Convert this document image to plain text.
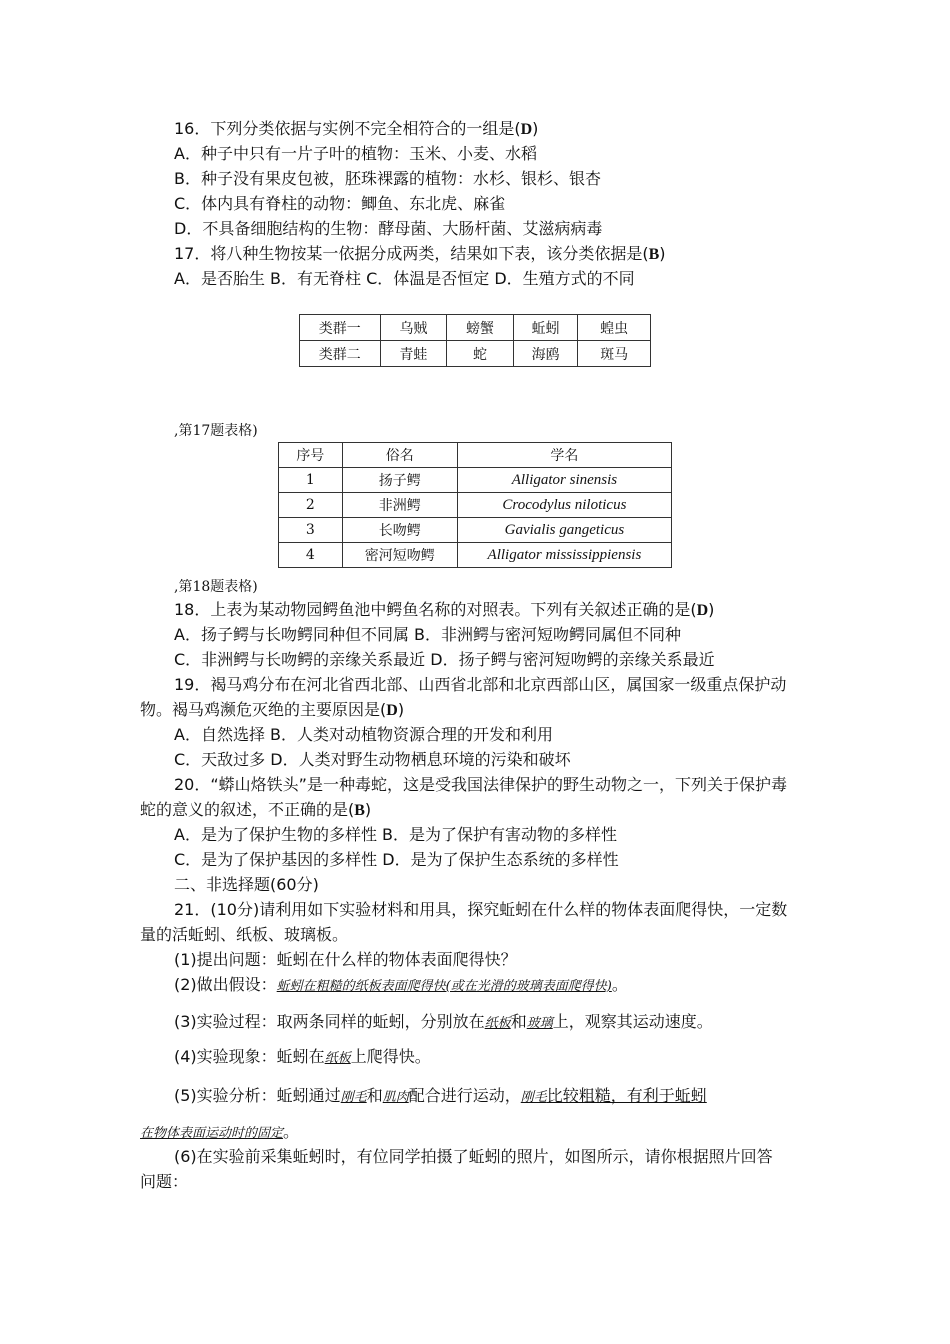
16．下列分类依据与实例不完全相符合的一组是(D)
A．种子中只有一片子叶的植物：玉米、小麦、水稻
B．种子没有果皮包被，胚珠裸露的植物：水杉、银杉、银杏
C．体内具有脊柱的动物：鲫鱼、东北虎、麻雀
D．不具备细胞结构的生物：酵母菌、大肠杆菌、艾滋病病毒
17．将八种生物按某一依据分成两类，结果如下表，该分类依据是(B)
A．是否胎生 B．有无脊柱 C．体温是否恒定 D．生殖方式的不同
类群一	乌贼	螃蟹	蚯蚓	蝗虫
类群二	青蛙	蛇	海鸥	斑马
,第17题表格)
序号	俗名	学名
1	扬子鳄	Alligator sinensis
2	非洲鳄	Crocodylus niloticus
3	长吻鳄	Gavialis gangeticus
4	密河短吻鳄	Alligator mississippiensis
,第18题表格)
18．上表为某动物园鳄鱼池中鳄鱼名称的对照表。下列有关叙述正确的是(D)
A．扬子鳄与长吻鳄同种但不同属 B．非洲鳄与密河短吻鳄同属但不同种
C．非洲鳄与长吻鳄的亲缘关系最近 D．扬子鳄与密河短吻鳄的亲缘关系最近
19．褐马鸡分布在河北省西北部、山西省北部和北京西部山区，属国家一级重点保护动
物。褐马鸡濒危灭绝的主要原因是(D)
A．自然选择 B．人类对动植物资源合理的开发和利用
C．天敌过多 D．人类对野生动物栖息环境的污染和破坏
20．“蟒山烙铁头”是一种毒蛇，这是受我国法律保护的野生动物之一，下列关于保护毒
蛇的意义的叙述，不正确的是(B)
A．是为了保护生物的多样性 B．是为了保护有害动物的多样性
C．是为了保护基因的多样性 D．是为了保护生态系统的多样性
二、非选择题(60分)
21．(10分)请利用如下实验材料和用具，探究蚯蚓在什么样的物体表面爬得快，一定数
量的活蚯蚓、纸板、玻璃板。
(1)提出问题：蚯蚓在什么样的物体表面爬得快？
(2)做出假设：蚯蚓在粗糙的纸板表面爬得快(或在光滑的玻璃表面爬得快)。
(3)实验过程：取两条同样的蚯蚓，分别放在纸板和玻璃上，观察其运动速度。
(4)实验现象：蚯蚓在纸板上爬得快。
(5)实验分析：蚯蚓通过刚毛和肌肉配合进行运动，刚毛比较粗糙，有利于蚯蚓
在物体表面运动时的固定。
(6)在实验前采集蚯蚓时，有位同学拍摄了蚯蚓的照片，如图所示，请你根据照片回答
问题：
